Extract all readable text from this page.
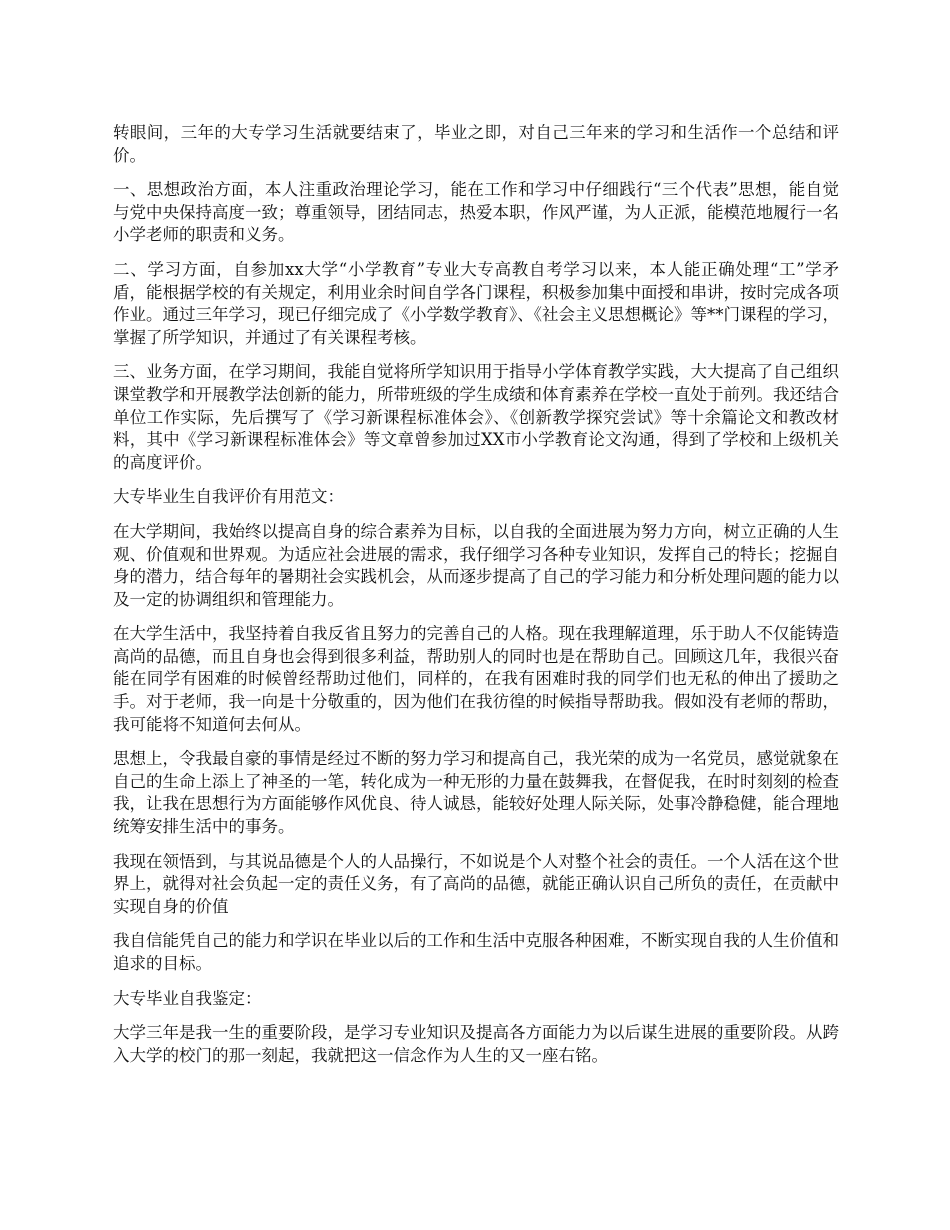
转眼间，三年的大专学习生活就要结束了，毕业之即，对自己三年来的学习和生活作一个总结和评价。

一、思想政治方面，本人注重政治理论学习，能在工作和学习中仔细践行“三个代表”思想，能自觉与党中央保持高度一致；尊重领导，团结同志，热爱本职，作风严谨，为人正派，能模范地履行一名小学老师的职责和义务。

二、学习方面，自参加xx大学“小学教育”专业大专高教自考学习以来，本人能正确处理“工”学矛盾，能根据学校的有关规定，利用业余时间自学各门课程，积极参加集中面授和串讲，按时完成各项作业。通过三年学习，现已仔细完成了《小学数学教育》、《社会主义思想概论》等**门课程的学习，掌握了所学知识，并通过了有关课程考核。

三、业务方面，在学习期间，我能自觉将所学知识用于指导小学体育教学实践，大大提高了自己组织课堂教学和开展教学法创新的能力，所带班级的学生成绩和体育素养在学校一直处于前列。我还结合单位工作实际，先后撰写了《学习新课程标准体会》、《创新教学探究尝试》等十余篇论文和教改材料，其中《学习新课程标准体会》等文章曾参加过XX市小学教育论文沟通，得到了学校和上级机关的高度评价。

大专毕业生自我评价有用范文：

在大学期间，我始终以提高自身的综合素养为目标，以自我的全面进展为努力方向，树立正确的人生观、价值观和世界观。为适应社会进展的需求，我仔细学习各种专业知识，发挥自己的特长；挖掘自身的潜力，结合每年的暑期社会实践机会，从而逐步提高了自己的学习能力和分析处理问题的能力以及一定的协调组织和管理能力。

在大学生活中，我坚持着自我反省且努力的完善自己的人格。现在我理解道理，乐于助人不仅能铸造高尚的品德，而且自身也会得到很多利益，帮助别人的同时也是在帮助自己。回顾这几年，我很兴奋能在同学有困难的时候曾经帮助过他们，同样的，在我有困难时我的同学们也无私的伸出了援助之手。对于老师，我一向是十分敬重的，因为他们在我彷徨的时候指导帮助我。假如没有老师的帮助，我可能将不知道何去何从。

思想上，令我最自豪的事情是经过不断的努力学习和提高自己，我光荣的成为一名党员，感觉就象在自己的生命上添上了神圣的一笔，转化成为一种无形的力量在鼓舞我，在督促我，在时时刻刻的检查我，让我在思想行为方面能够作风优良、待人诚恳，能较好处理人际关际，处事冷静稳健，能合理地统筹安排生活中的事务。

我现在领悟到，与其说品德是个人的人品操行，不如说是个人对整个社会的责任。一个人活在这个世界上，就得对社会负起一定的责任义务，有了高尚的品德，就能正确认识自己所负的责任，在贡献中实现自身的价值

我自信能凭自己的能力和学识在毕业以后的工作和生活中克服各种困难，不断实现自我的人生价值和追求的目标。

大专毕业自我鉴定：

大学三年是我一生的重要阶段，是学习专业知识及提高各方面能力为以后谋生进展的重要阶段。从跨入大学的校门的那一刻起，我就把这一信念作为人生的又一座右铭。
